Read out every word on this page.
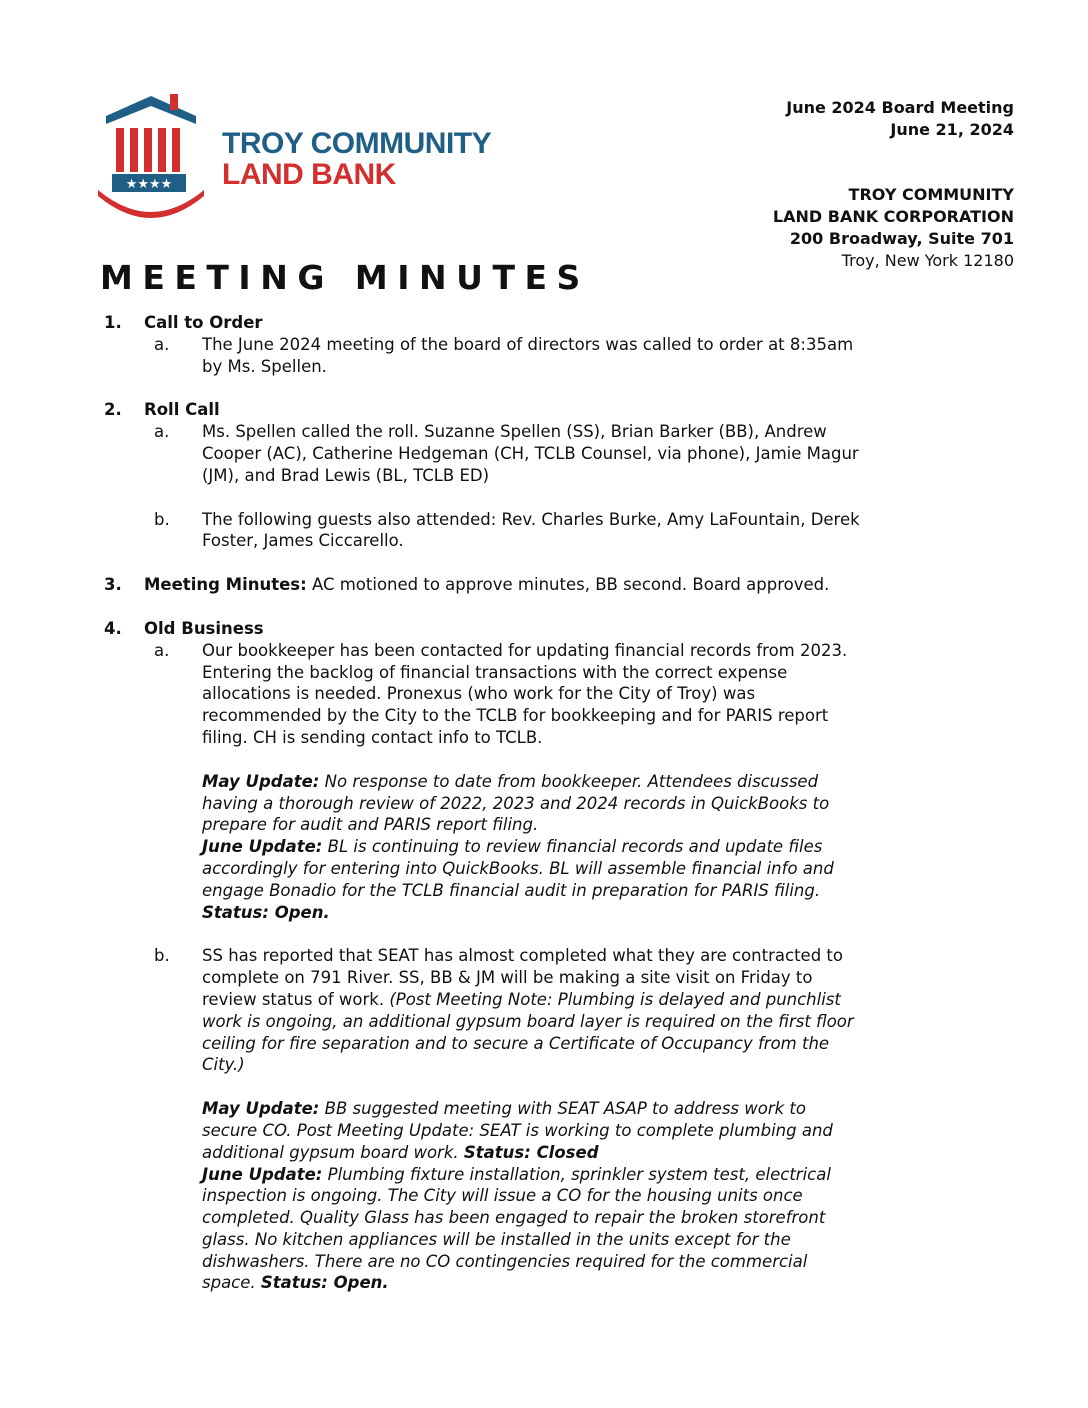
★★★★
TROY COMMUNITY
LAND BANK
June 2024 Board Meeting
June 21, 2024
TROY COMMUNITY
LAND BANK CORPORATION
200 Broadway, Suite 701
Troy, New York 12180
MEETING MINUTES
1. Call to Order
a. The June 2024 meeting of the board of directors was called to order at 8:35am by Ms. Spellen.
2. Roll Call
a. Ms. Spellen called the roll. Suzanne Spellen (SS), Brian Barker (BB), Andrew Cooper (AC), Catherine Hedgeman (CH, TCLB Counsel, via phone), Jamie Magur (JM), and Brad Lewis (BL, TCLB ED)
b. The following guests also attended: Rev. Charles Burke, Amy LaFountain, Derek Foster, James Ciccarello.
3. Meeting Minutes: AC motioned to approve minutes, BB second. Board approved.
4. Old Business
a. Our bookkeeper has been contacted for updating financial records from 2023. Entering the backlog of financial transactions with the correct expense allocations is needed. Pronexus (who work for the City of Troy) was recommended by the City to the TCLB for bookkeeping and for PARIS report filing. CH is sending contact info to TCLB.
May Update: No response to date from bookkeeper. Attendees discussed having a thorough review of 2022, 2023 and 2024 records in QuickBooks to prepare for audit and PARIS report filing.
June Update: BL is continuing to review financial records and update files accordingly for entering into QuickBooks. BL will assemble financial info and engage Bonadio for the TCLB financial audit in preparation for PARIS filing.
Status: Open.
b. SS has reported that SEAT has almost completed what they are contracted to complete on 791 River. SS, BB & JM will be making a site visit on Friday to review status of work. (Post Meeting Note: Plumbing is delayed and punchlist work is ongoing, an additional gypsum board layer is required on the first floor ceiling for fire separation and to secure a Certificate of Occupancy from the City.)
May Update: BB suggested meeting with SEAT ASAP to address work to secure CO. Post Meeting Update: SEAT is working to complete plumbing and additional gypsum board work. Status: Closed
June Update: Plumbing fixture installation, sprinkler system test, electrical inspection is ongoing. The City will issue a CO for the housing units once completed. Quality Glass has been engaged to repair the broken storefront glass. No kitchen appliances will be installed in the units except for the dishwashers. There are no CO contingencies required for the commercial space. Status: Open.
